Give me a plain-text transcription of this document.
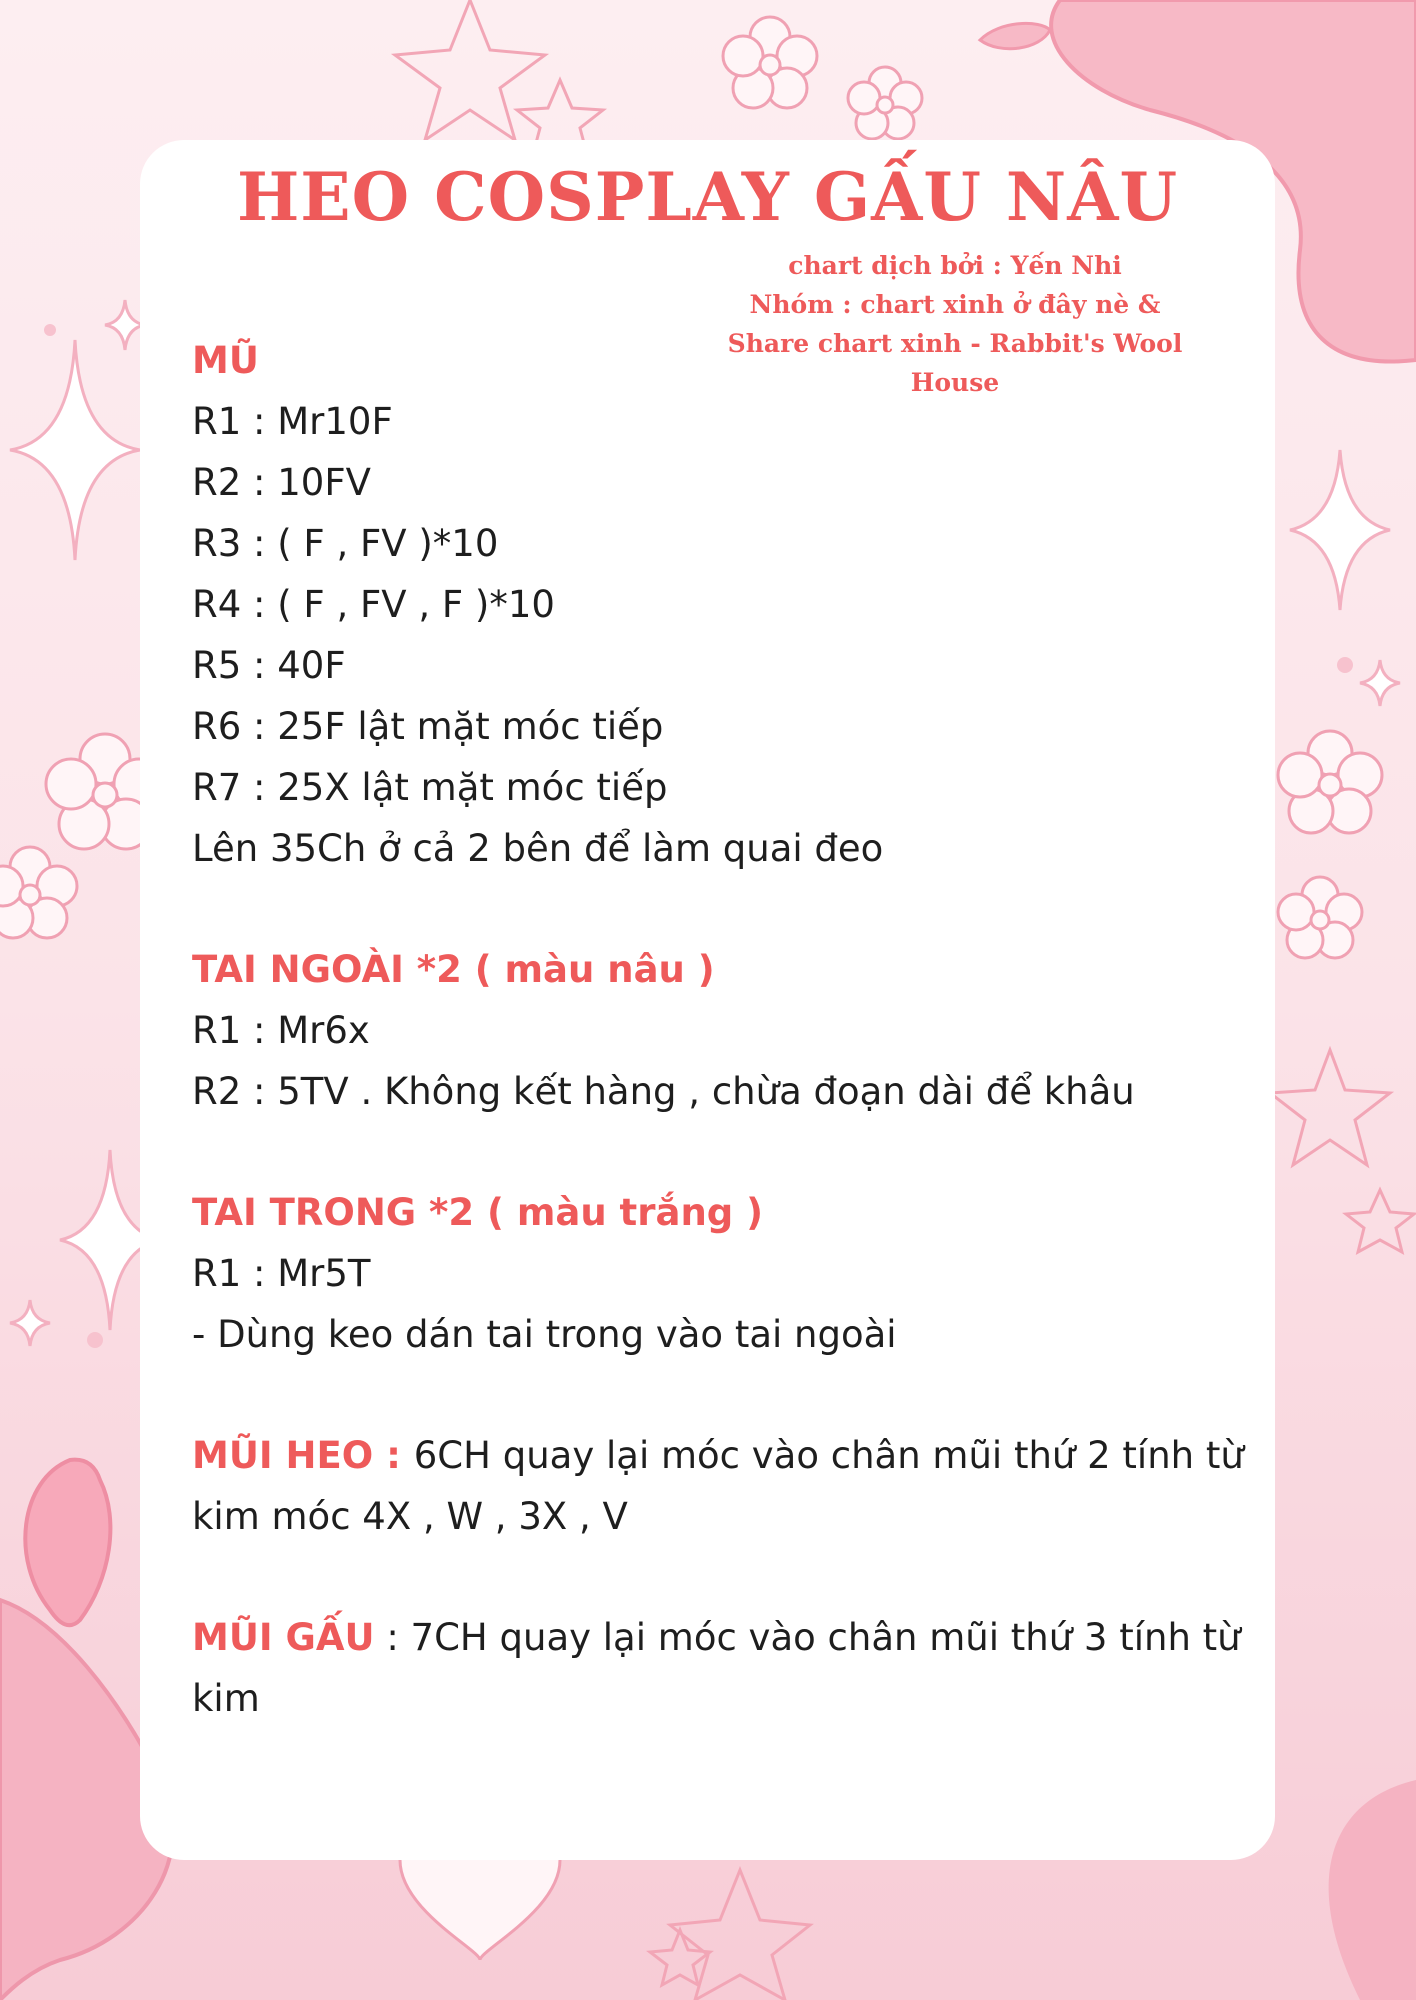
HEO COSPLAY GẤU NÂU
chart dịch bởi : Yến Nhi
Nhóm : chart xinh ở đây nè &
Share chart xinh - Rabbit's Wool
House
MŨ
R1 : Mr10F
R2 : 10FV
R3 : ( F , FV )*10
R4 : ( F , FV , F )*10
R5 : 40F
R6 : 25F lật mặt móc tiếp
R7 : 25X lật mặt móc tiếp
Lên 35Ch ở cả 2 bên để làm quai đeo
TAI NGOÀI *2 ( màu nâu )
R1 : Mr6x
R2 : 5TV . Không kết hàng , chừa đoạn dài để khâu
TAI TRONG *2 ( màu trắng )
R1 : Mr5T
- Dùng keo dán tai trong vào tai ngoài
MŨI HEO : 6CH quay lại móc vào chân mũi thứ 2 tính từ kim móc 4X , W , 3X , V
MŨI GẤU : 7CH quay lại móc vào chân mũi thứ 3 tính từ kim
